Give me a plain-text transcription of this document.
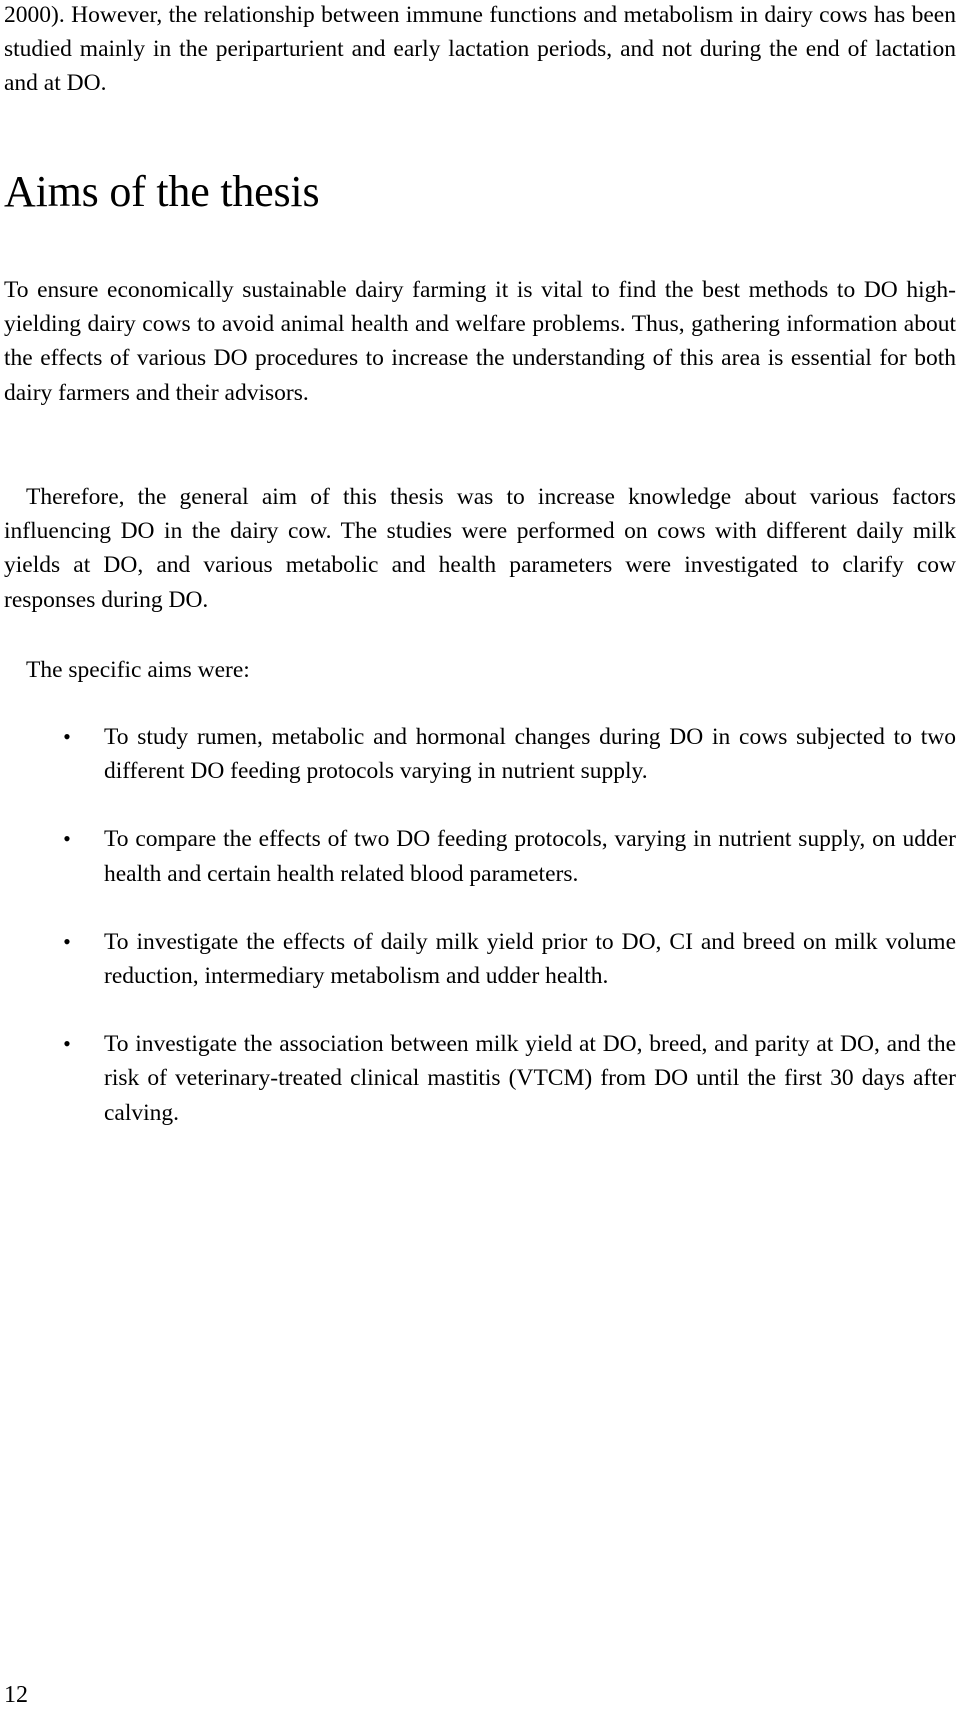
2000). However, the relationship between immune functions and metabolism in dairy cows has been studied mainly in the periparturient and early lactation periods, and not during the end of lactation and at DO.

Aims of the thesis

To ensure economically sustainable dairy farming it is vital to find the best methods to DO high-yielding dairy cows to avoid animal health and welfare problems. Thus, gathering information about the effects of various DO procedures to increase the understanding of this area is essential for both dairy farmers and their advisors.

Therefore, the general aim of this thesis was to increase knowledge about various factors influencing DO in the dairy cow. The studies were performed on cows with different daily milk yields at DO, and various metabolic and health parameters were investigated to clarify cow responses during DO.

The specific aims were:

• To study rumen, metabolic and hormonal changes during DO in cows subjected to two different DO feeding protocols varying in nutrient supply.
• To compare the effects of two DO feeding protocols, varying in nutrient supply, on udder health and certain health related blood parameters.
• To investigate the effects of daily milk yield prior to DO, CI and breed on milk volume reduction, intermediary metabolism and udder health.
• To investigate the association between milk yield at DO, breed, and parity at DO, and the risk of veterinary-treated clinical mastitis (VTCM) from DO until the first 30 days after calving.
12
